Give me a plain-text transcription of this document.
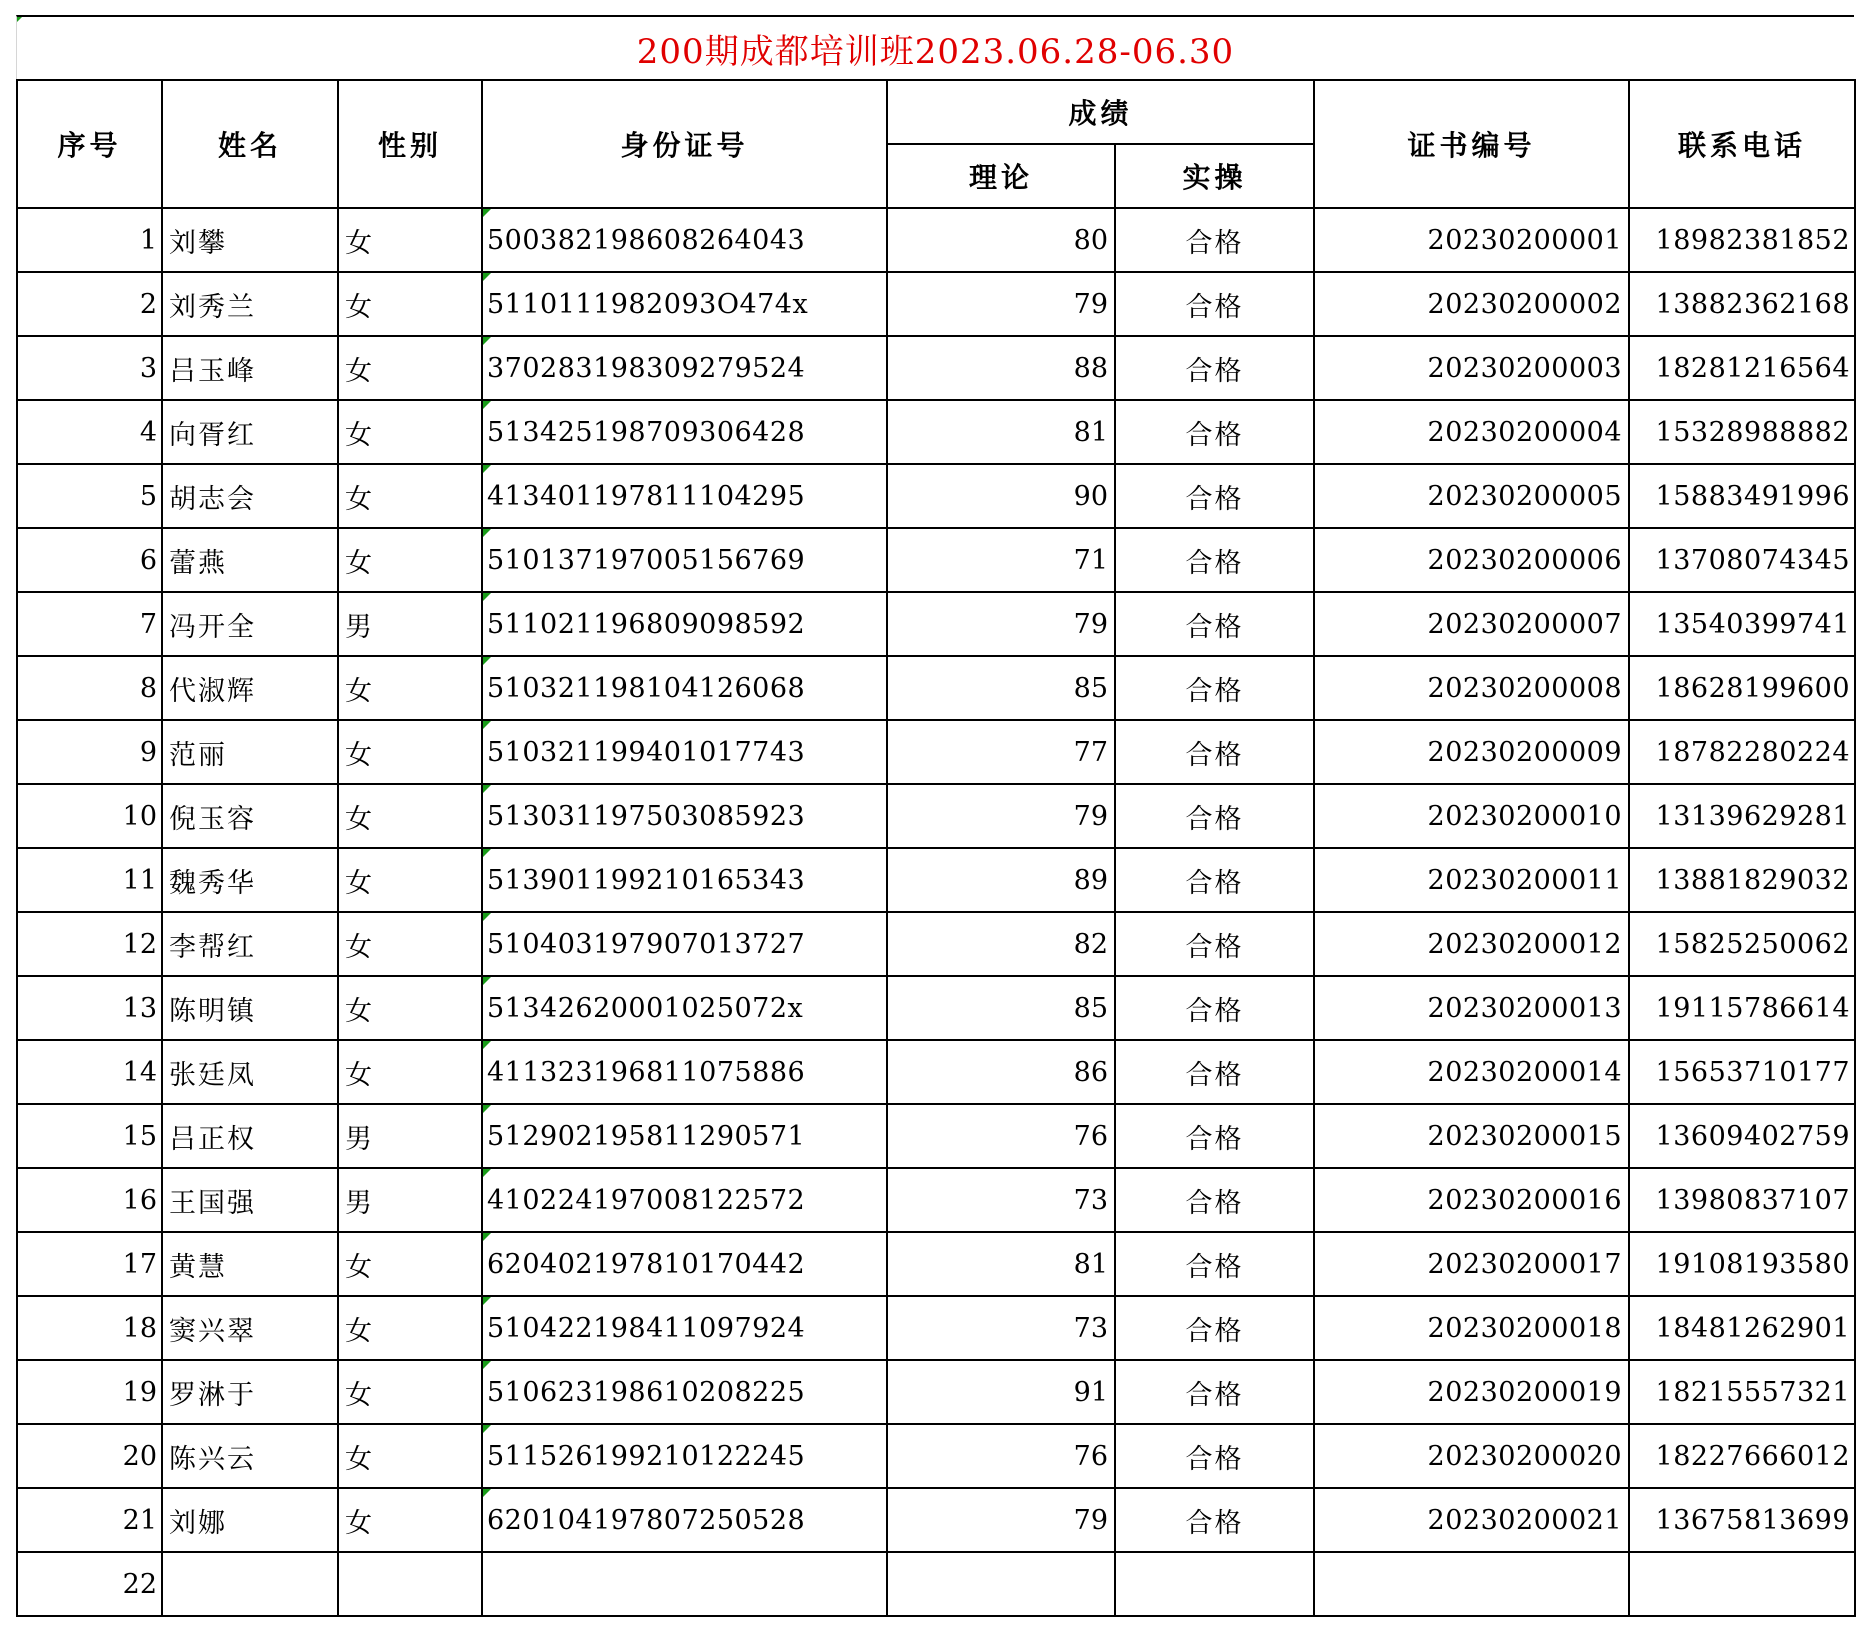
200期成都培训班2023.06.28-06.30
序号	姓名	性别	身份证号	成绩		证书编号	联系电话
				理论	实操		
1	刘攀	女	500382198608264043	80	合格	20230200001	18982381852
2	刘秀兰	女	5110111982093O474x	79	合格	20230200002	13882362168
3	吕玉峰	女	370283198309279524	88	合格	20230200003	18281216564
4	向胥红	女	513425198709306428	81	合格	20230200004	15328988882
5	胡志会	女	413401197811104295	90	合格	20230200005	15883491996
6	蕾燕	女	510137197005156769	71	合格	20230200006	13708074345
7	冯开全	男	511021196809098592	79	合格	20230200007	13540399741
8	代淑辉	女	510321198104126068	85	合格	20230200008	18628199600
9	范丽	女	510321199401017743	77	合格	20230200009	18782280224
10	倪玉容	女	513031197503085923	79	合格	20230200010	13139629281
11	魏秀华	女	513901199210165343	89	合格	20230200011	13881829032
12	李帮红	女	510403197907013727	82	合格	20230200012	15825250062
13	陈明镇	女	51342620001025072x	85	合格	20230200013	19115786614
14	张廷凤	女	411323196811075886	86	合格	20230200014	15653710177
15	吕正权	男	512902195811290571	76	合格	20230200015	13609402759
16	王国强	男	410224197008122572	73	合格	20230200016	13980837107
17	黄慧	女	620402197810170442	81	合格	20230200017	19108193580
18	窦兴翠	女	510422198411097924	73	合格	20230200018	18481262901
19	罗淋于	女	510623198610208225	91	合格	20230200019	18215557321
20	陈兴云	女	511526199210122245	76	合格	20230200020	18227666012
21	刘娜	女	620104197807250528	79	合格	20230200021	13675813699
22							
